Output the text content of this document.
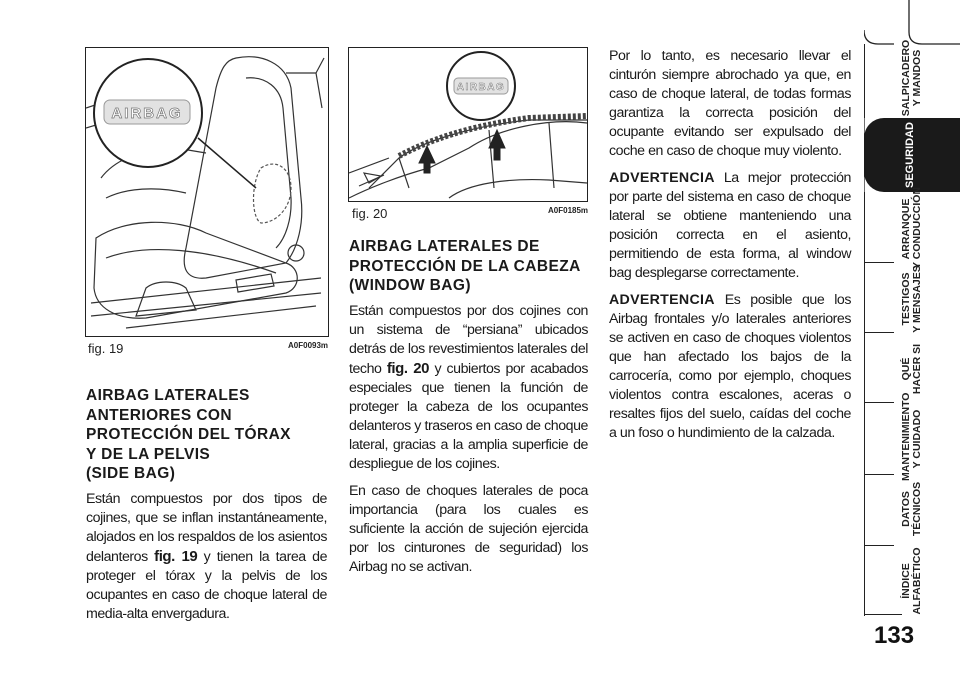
AIRBAG
fig. 19	A0F0093m
AIRBAG
fig. 20	A0F0185m

AIRBAG LATERALES
ANTERIORES CON
PROTECCIÓN DEL TÓRAX
Y DE LA PELVIS
(SIDE BAG)

Están compuestos por dos tipos de cojines, que se inflan instantáneamente, alojados en los respaldos de los asientos delanteros fig. 19 y tienen la tarea de proteger el tórax y la pelvis de los ocupantes en caso de choque lateral de media-alta envergadura.

AIRBAG LATERALES DE
PROTECCIÓN DE LA CABEZA
(WINDOW BAG)

Están compuestos por dos cojines con un sistema de “persiana” ubicados detrás de los revestimientos laterales del techo fig. 20 y cubiertos por acabados especiales que tienen la función de proteger la cabeza de los ocupantes delanteros y traseros en caso de choque lateral, gracias a la amplia superficie de despliegue de los cojines.

En caso de choques laterales de poca importancia (para los cuales es suficiente la acción de sujeción ejercida por los cinturones de seguridad) los Airbag no se activan.

Por lo tanto, es necesario llevar el cinturón siempre abrochado ya que, en caso de choque lateral, de todas formas garantiza la correcta posición del ocupante evitando ser expulsado del coche en caso de choque muy violento.

ADVERTENCIA La mejor protección por parte del sistema en caso de choque lateral se obtiene manteniendo una posición correcta en el asiento, permitiendo de esta forma, al window bag desplegarse correctamente.

ADVERTENCIA Es posible que los Airbag frontales y/o laterales anteriores se activen en caso de choques violentos que han afectado los bajos de la carrocería, como por ejemplo, choques violentos contra escalones, aceras o resaltes fijos del suelo, caídas del coche a un foso o hundimiento de la calzada.

SALPICADERO
Y MANDOS
SEGURIDAD
ARRANQUE
Y CONDUCCIÓN
TESTIGOS
Y MENSAJES
QUÉ
HACER SI
MANTENIMIENTO
Y CUIDADO
DATOS
TÉCNICOS
ÍNDICE
ALFABÉTICO
133
